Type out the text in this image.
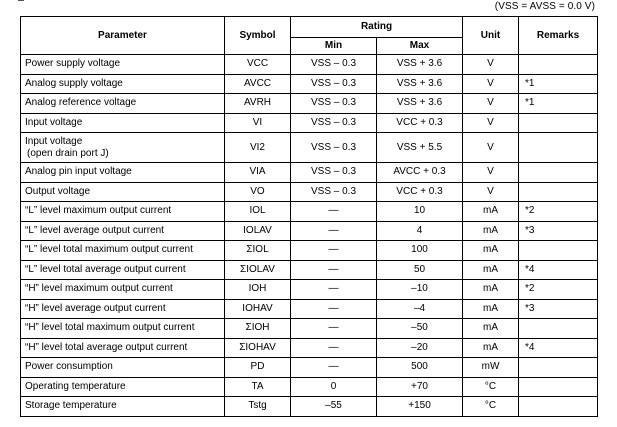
(VSS = AVSS = 0.0 V)
Parameter	Symbol	Rating		Unit	Remarks
		Min	Max		
Power supply voltage	VCC	VSS – 0.3	VSS + 3.6	V	
Analog supply voltage	AVCC	VSS – 0.3	VSS + 3.6	V	*1
Analog reference voltage	AVRH	VSS – 0.3	VSS + 3.6	V	*1
Input voltage	VI	VSS – 0.3	VCC + 0.3	V	

Input voltage
(open drain port J)	VI2	VSS – 0.3	VSS + 5.5	V	
Analog pin input voltage	VIA	VSS – 0.3	AVCC + 0.3	V	
Output voltage	VO	VSS – 0.3	VCC + 0.3	V	
“L” level maximum output current	IOL	—	10	mA	*2
“L” level average output current	IOLAV	—	4	mA	*3
“L” level total maximum output current	ΣIOL	—	100	mA	
“L” level total average output current	ΣIOLAV	—	50	mA	*4
“H” level maximum output current	IOH	—	–10	mA	*2
“H” level average output current	IOHAV	—	–4	mA	*3
“H” level total maximum output current	ΣIOH	—	–50	mA	
“H” level total average output current	ΣIOHAV	—	–20	mA	*4
Power consumption	PD	—	500	mW	
Operating temperature	TA	0	+70	°C	
Storage temperature	Tstg	–55	+150	°C	
